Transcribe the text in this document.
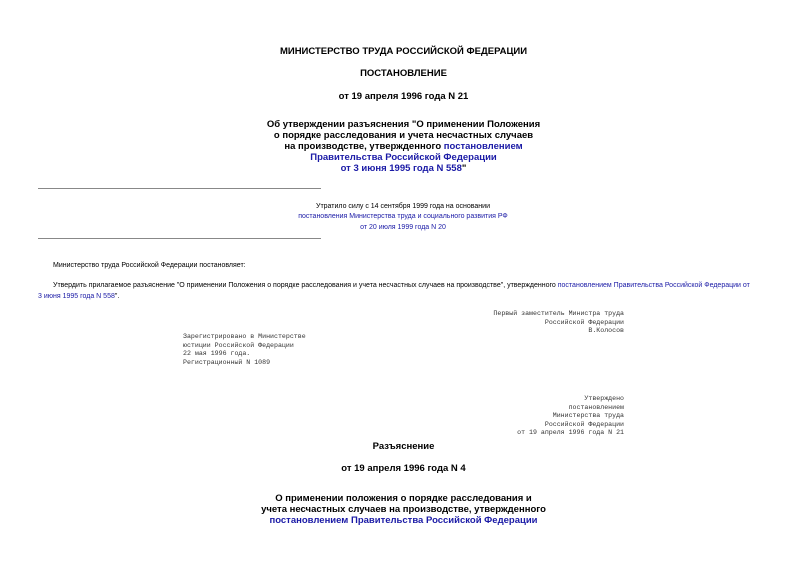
МИНИСТЕРСТВО ТРУДА РОССИЙСКОЙ ФЕДЕРАЦИИ
ПОСТАНОВЛЕНИЕ
от 19 апреля 1996 года N 21
Об утверждении разъяснения "О применении Положения
о порядке расследования и учета несчастных случаев
на производстве, утвержденного постановлением
Правительства Российской Федерации
от 3 июня 1995 года N 558"
Утратило силу с 14 сентября 1999 года на основании
постановления Министерства труда и социального развития РФ
от 20 июля 1999 года N 20
Министерство труда Российской Федерации постановляет:
Утвердить прилагаемое разъяснение "О применении Положения о порядке расследования и учета несчастных случаев на производстве", утвержденного постановлением Правительства Российской Федерации от
3 июня 1995 года N 558".
Первый заместитель Министра труда
Российской Федерации
В.Колосов
Зарегистрировано в Министерстве
юстиции Российской Федерации
22 мая 1996 года.
Регистрационный N 1089
Утверждено
постановлением
Министерства труда
Российской Федерации
от 19 апреля 1996 года N 21
Разъяснение
от 19 апреля 1996 года N 4
О применении положения о порядке расследования и
учета несчастных случаев на производстве, утвержденного
постановлением Правительства Российской Федерации
